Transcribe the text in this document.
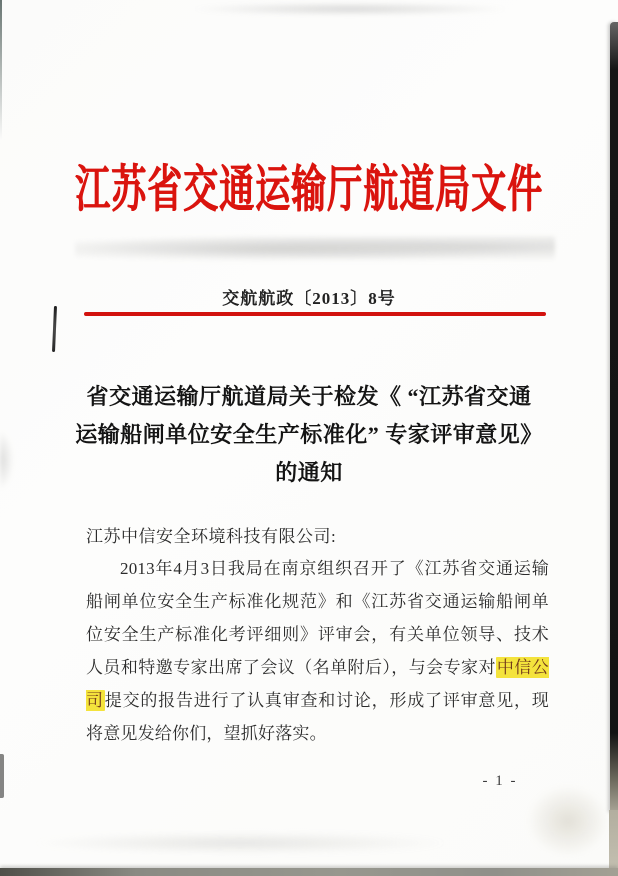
江苏省交通运输厅航道局文件
交航航政〔2013〕8号
省交通运输厅航道局关于检发《 “江苏省交通
运输船闸单位安全生产标准化” 专家评审意见》
的通知
江苏中信安全环境科技有限公司:
2013年4月3日我局在南京组织召开了《江苏省交通运输船闸单位安全生产标准化规范》和《江苏省交通运输船闸单位安全生产标准化考评细则》评审会，有关单位领导、技术人员和特邀专家出席了会议（名单附后），与会专家对中信公司提交的报告进行了认真审查和讨论，形成了评审意见，现将意见发给你们，望抓好落实。
- 1 -
